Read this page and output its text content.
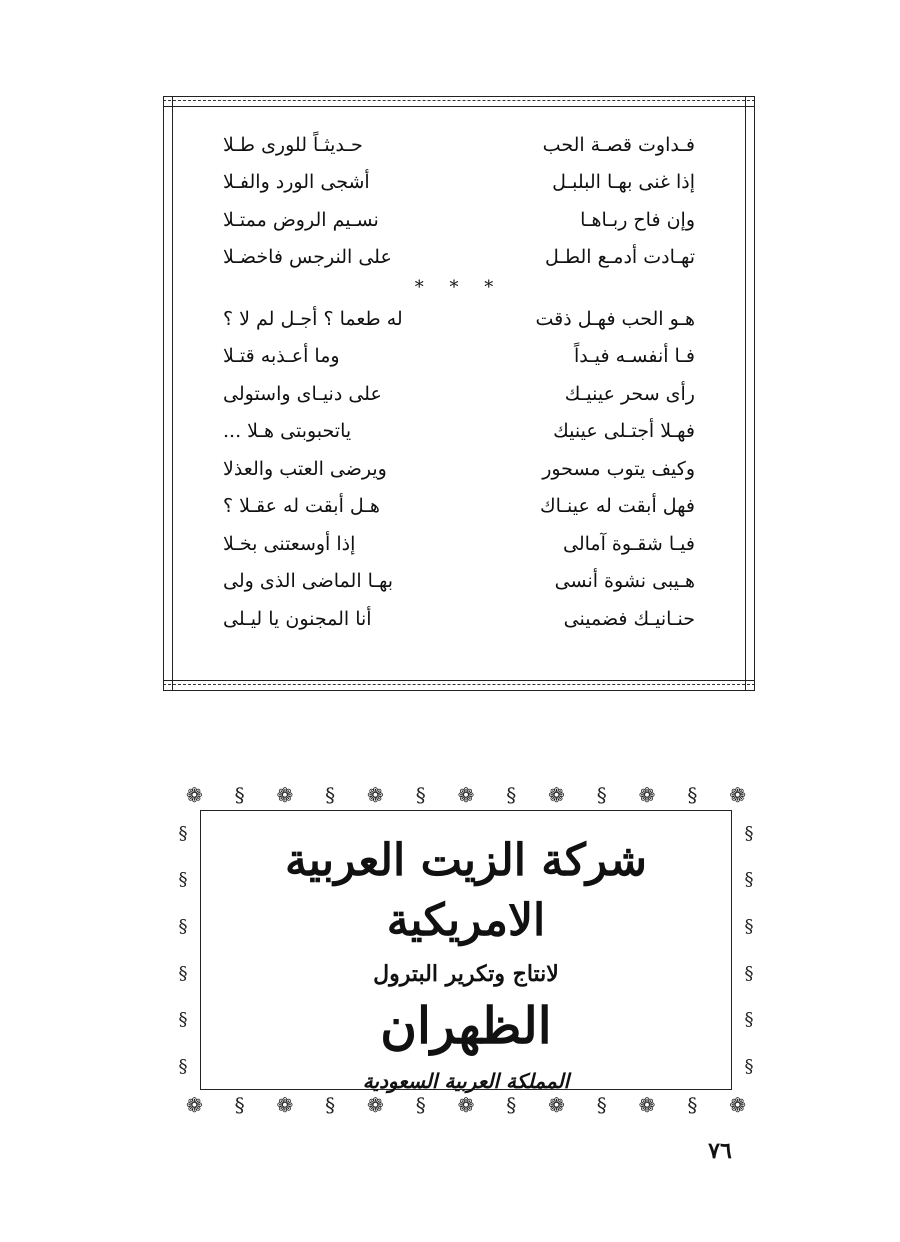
فـداوت قصـة الحب
حـديثـاً للورى طـلا
إذا غنى بهـا البلبـل
أشجى الورد والفـلا
وإن فاح ربـاهـا
نسـيم الروض ممتـلا
تهـادت أدمـع الطـل
على النرجس فاخضـلا
* * *
هـو الحب فهـل ذقت
له طعما ؟ أجـل لم لا ؟
فـا أنفسـه فيـداً
وما أعـذبه قتـلا
رأى سحر عينيـك
على دنيـاى واستولى
فهـلا أجتـلى عينيك
ياتحبوبتى هـلا ...
وكيف يتوب مسحور
ويرضى العتب والعذلا
فهل أبقت له عينـاك
هـل أبقت له عقـلا ؟
فيـا شقـوة آمالى
إذا أوسعتنى بخـلا
هـيبى نشوة أنسى
بهـا الماضى الذى ولى
حنـانيـك فضمينى
أنا المجنون يا ليـلى
❁ § ❁ § ❁ § ❁ § ❁ § ❁ § ❁
❁ § ❁ § ❁ § ❁ § ❁ § ❁ § ❁
§
§
§
§
§
§
§
§
§
§
§
§
شركة الزيت العربية الامريكية
لانتاج وتكرير البترول
الظهران
المملكة العربية السعودية
٧٦
